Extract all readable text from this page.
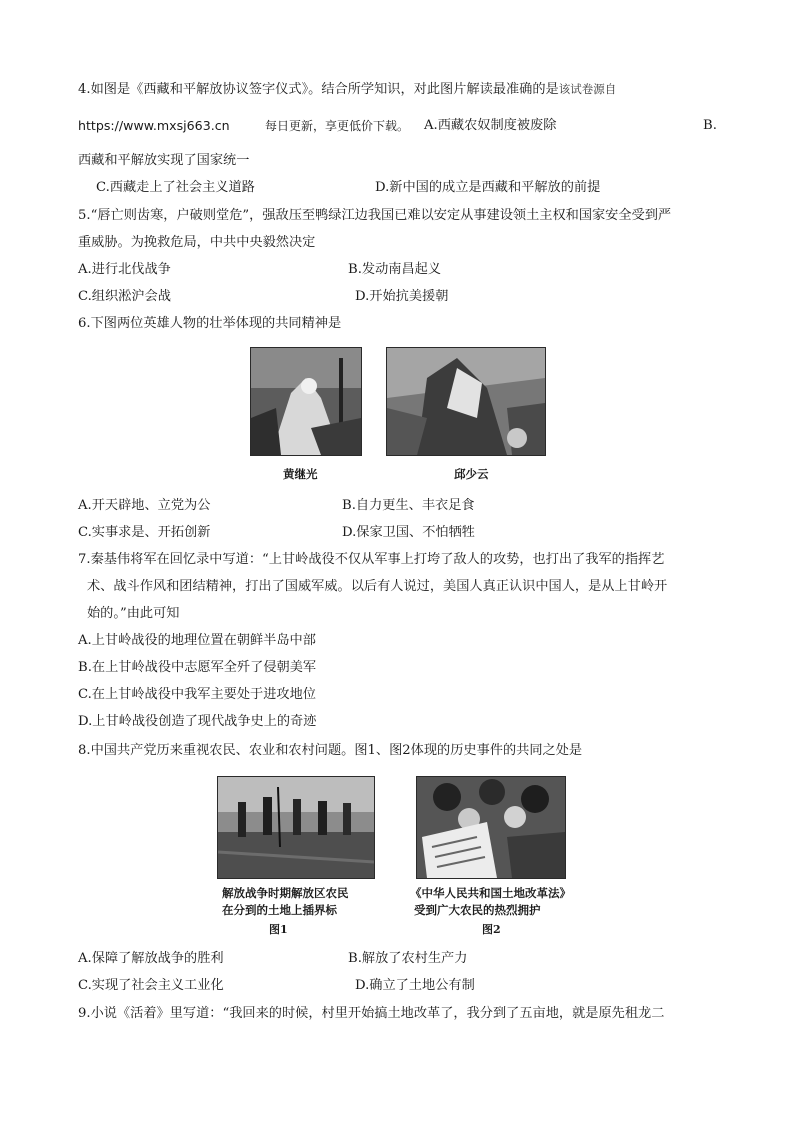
4.如图是《西藏和平解放协议签字仪式》。结合所学知识，对此图片解读最准确的是该试卷源自
https://www.mxsj663.cn	每日更新，享更低价下载。 A.西藏农奴制度被废除	B.
西藏和平解放实现了国家统一
C.西藏走上了社会主义道路	D.新中国的成立是西藏和平解放的前提
5.“唇亡则齿寒，户破则堂危”，强敌压至鸭绿江边我国已难以安定从事建设领土主权和国家安全受到严
重威胁。为挽救危局，中共中央毅然决定
A.进行北伐战争	B.发动南昌起义
C.组织淞沪会战	D.开始抗美援朝
6.下图两位英雄人物的壮举体现的共同精神是
黄继光	邱少云
A.开天辟地、立党为公	B.自力更生、丰衣足食
C.实事求是、开拓创新	D.保家卫国、不怕牺牲
7.秦基伟将军在回忆录中写道：“上甘岭战役不仅从军事上打垮了敌人的攻势，也打出了我军的指挥艺
术、战斗作风和团结精神，打出了国威军威。以后有人说过，美国人真正认识中国人，是从上甘岭开
始的。”由此可知
A.上甘岭战役的地理位置在朝鲜半岛中部
B.在上甘岭战役中志愿军全歼了侵朝美军
C.在上甘岭战役中我军主要处于进攻地位
D.上甘岭战役创造了现代战争史上的奇迹
8.中国共产党历来重视农民、农业和农村问题。图1、图2体现的历史事件的共同之处是
解放战争时期解放区农民
在分到的土地上插界标
图1
《中华人民共和国土地改革法》
受到广大农民的热烈拥护
图2
A.保障了解放战争的胜利	B.解放了农村生产力
C.实现了社会主义工业化	D.确立了土地公有制
9.小说《活着》里写道：“我回来的时候，村里开始搞土地改革了，我分到了五亩地，就是原先租龙二
